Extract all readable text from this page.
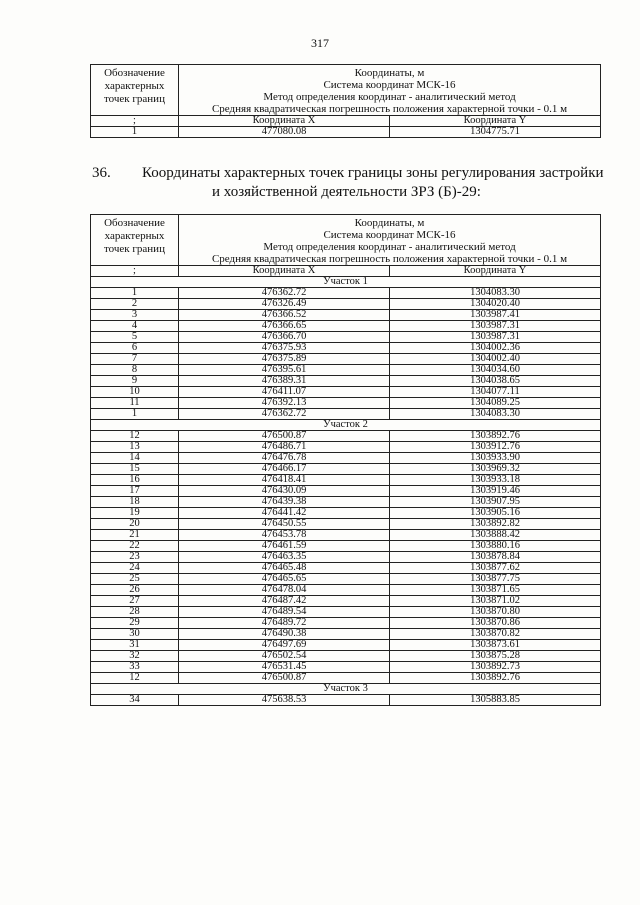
317
Обозначение
характерных
точек границ	Координаты, м
Система координат МСК-16
Метод определения координат - аналитический метод
Средняя квадратическая погрешность положения характерной точки - 0.1 м	
;	Координата X	Координата Y
1	477080.08	1304775.71
36. Координаты характерных точек границы зоны регулирования застройки
и хозяйственной деятельности ЗРЗ (Б)-29:
Обозначение
характерных
точек границ	Координаты, м
Система координат МСК-16
Метод определения координат - аналитический метод
Средняя квадратическая погрешность положения характерной точки - 0.1 м	
;	Координата X	Координата Y
Участок 1		
1	476362.72	1304083.30
2	476326.49	1304020.40
3	476366.52	1303987.41
4	476366.65	1303987.31
5	476366.70	1303987.31
6	476375.93	1304002.36
7	476375.89	1304002.40
8	476395.61	1304034.60
9	476389.31	1304038.65
10	476411.07	1304077.11
11	476392.13	1304089.25
1	476362.72	1304083.30
Участок 2		
12	476500.87	1303892.76
13	476486.71	1303912.76
14	476476.78	1303933.90
15	476466.17	1303969.32
16	476418.41	1303933.18
17	476430.09	1303919.46
18	476439.38	1303907.95
19	476441.42	1303905.16
20	476450.55	1303892.82
21	476453.78	1303888.42
22	476461.59	1303880.16
23	476463.35	1303878.84
24	476465.48	1303877.62
25	476465.65	1303877.75
26	476478.04	1303871.65
27	476487.42	1303871.02
28	476489.54	1303870.80
29	476489.72	1303870.86
30	476490.38	1303870.82
31	476497.69	1303873.61
32	476502.54	1303875.28
33	476531.45	1303892.73
12	476500.87	1303892.76
Участок 3		
34	475638.53	1305883.85
